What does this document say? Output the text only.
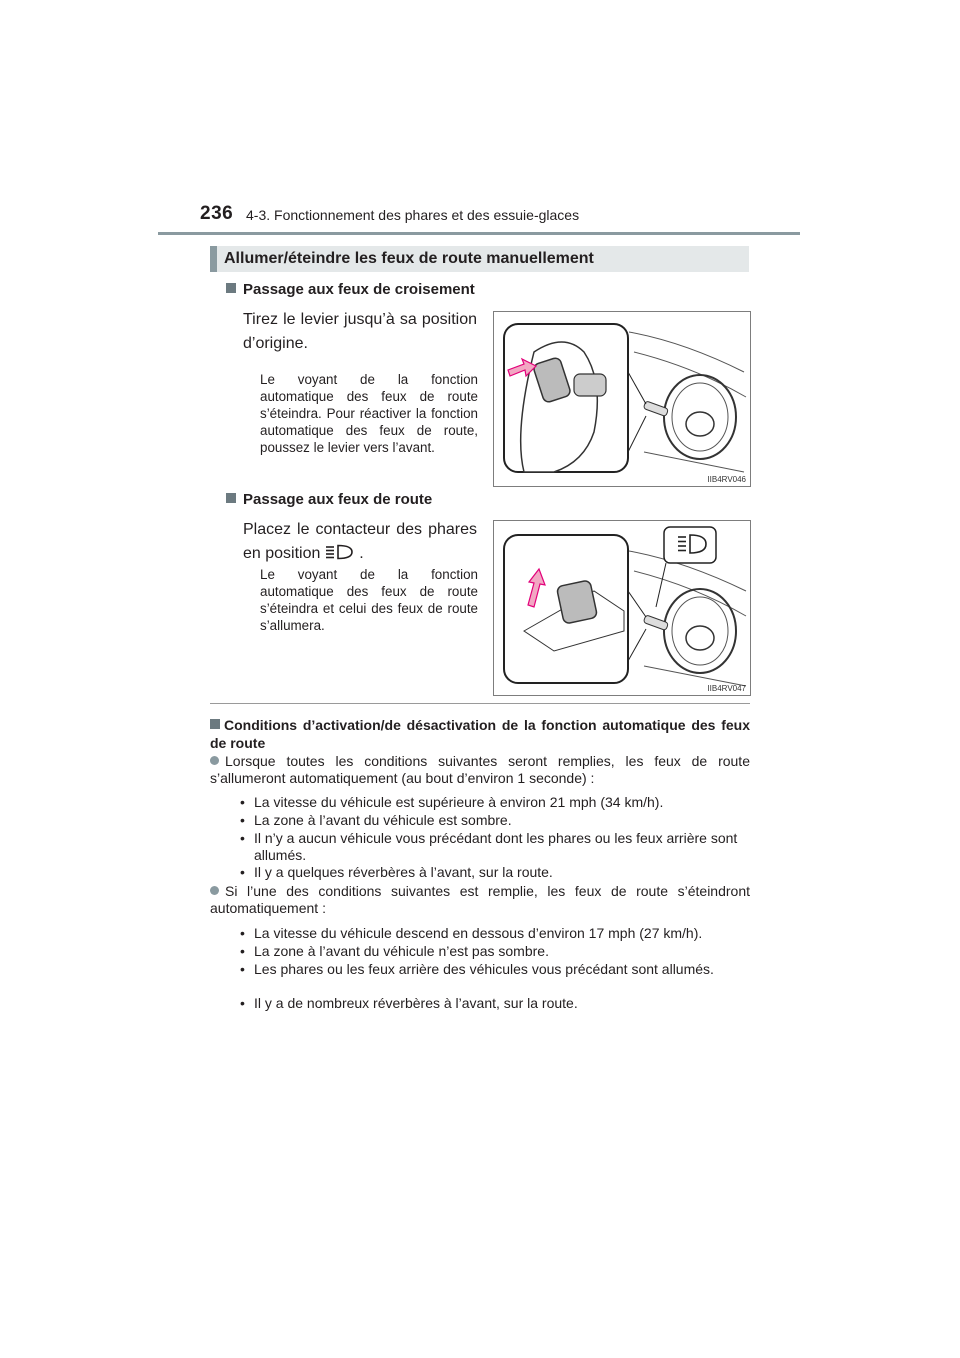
236 4-3. Fonctionnement des phares et des essuie-glaces
Allumer/éteindre les feux de route manuellement
Passage aux feux de croisement
Tirez le levier jusqu’à sa position d’origine.
Le voyant de la fonction automatique des feux de route s’éteindra. Pour réactiver la fonction automatique des feux de route, poussez le levier vers l’avant.
IIB4RV046
Passage aux feux de route
Placez le contacteur des phares en position .
Le voyant de la fonction automatique des feux de route s’éteindra et celui des feux de route s’allumera.
IIB4RV047
Conditions d’activation/de désactivation de la fonction automatique des feux de route
Lorsque toutes les conditions suivantes seront remplies, les feux de route s’allumeront automatiquement (au bout d’environ 1 seconde) :
• La vitesse du véhicule est supérieure à environ 21 mph (34 km/h).
• La zone à l’avant du véhicule est sombre.
• Il n’y a aucun véhicule vous précédant dont les phares ou les feux arrière sont allumés.
• Il y a quelques réverbères à l’avant, sur la route.
Si l’une des conditions suivantes est remplie, les feux de route s’éteindront automatiquement :
• La vitesse du véhicule descend en dessous d’environ 17 mph (27 km/h).
• La zone à l’avant du véhicule n’est pas sombre.
• Les phares ou les feux arrière des véhicules vous précédant sont allumés.
• Il y a de nombreux réverbères à l’avant, sur la route.
